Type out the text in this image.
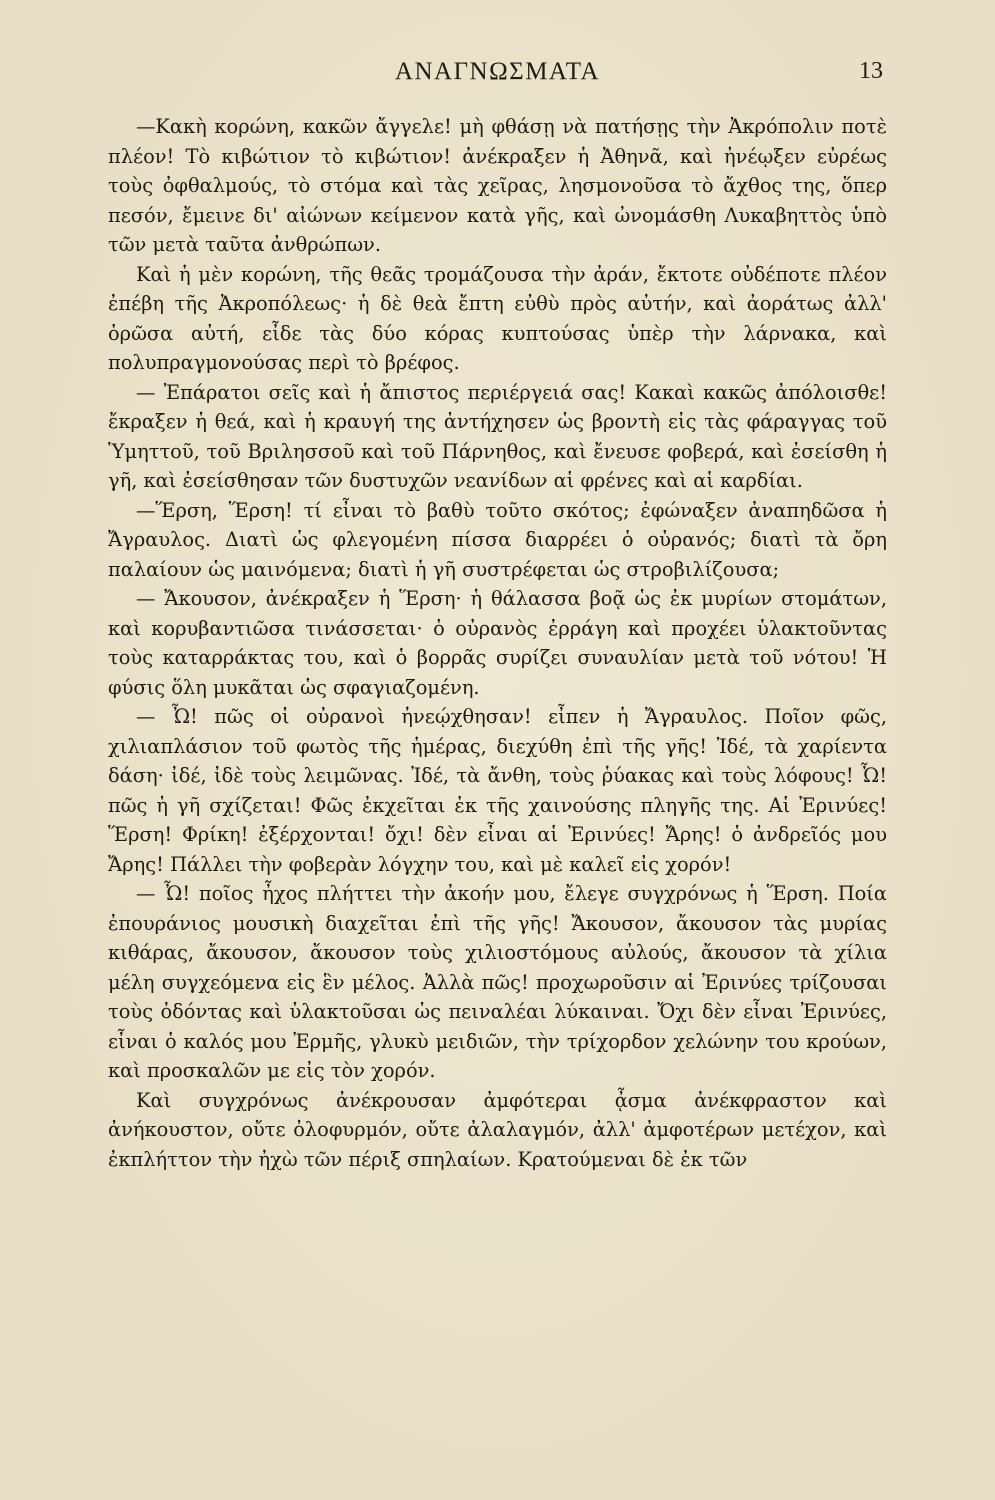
ΑΝΑΓΝΩΣΜΑΤΑ	13

—Κακὴ κορώνη, κακῶν ἄγγελε! μὴ φθάσῃ νὰ πατήσῃς τὴν Ἀκρόπολιν ποτὲ πλέον! Τὸ κιβώτιον τὸ κιβώτιον! ἀνέκραξεν ἡ Ἀθηνᾶ, καὶ ἠνέῳξεν εὐρέως τοὺς ὀφθαλμούς, τὸ στόμα καὶ τὰς χεῖρας, λησμονοῦσα τὸ ἄχθος της, ὅπερ πεσόν, ἔμεινε δι' αἰώνων κείμενον κατὰ γῆς, καὶ ὠνομάσθη Λυκαβηττὸς ὑπὸ τῶν μετὰ ταῦτα ἀνθρώπων.

Καὶ ἡ μὲν κορώνη, τῆς θεᾶς τρομάζουσα τὴν ἀράν, ἔκτοτε οὐδέποτε πλέον ἐπέβη τῆς Ἀκροπόλεως· ἡ δὲ θεὰ ἔπτη εὐθὺ πρὸς αὐτήν, καὶ ἀοράτως ἀλλ' ὁρῶσα αὐτή, εἶδε τὰς δύο κόρας κυπτούσας ὑπὲρ τὴν λάρνακα, καὶ πολυπραγμονούσας περὶ τὸ βρέφος.

— Ἐπάρατοι σεῖς καὶ ἡ ἄπιστος περιέργειά σας! Κακαὶ κακῶς ἀπόλοισθε! ἔκραξεν ἡ θεά, καὶ ἡ κραυγή της ἀντήχησεν ὡς βροντὴ εἰς τὰς φάραγγας τοῦ Ὑμηττοῦ, τοῦ Βριλησσοῦ καὶ τοῦ Πάρνηθος, καὶ ἔνευσε φοβερά, καὶ ἐσείσθη ἡ γῆ, καὶ ἐσείσθησαν τῶν δυστυχῶν νεανίδων αἱ φρένες καὶ αἱ καρδίαι.

—Ἕρση, Ἕρση! τί εἶναι τὸ βαθὺ τοῦτο σκότος; ἐφώναξεν ἀναπηδῶσα ἡ Ἄγραυλος. Διατὶ ὡς φλεγομένη πίσσα διαρρέει ὁ οὐρανός; διατὶ τὰ ὄρη παλαίουν ὡς μαινόμενα; διατὶ ἡ γῆ συστρέφεται ὡς στροβιλίζουσα;

— Ἄκουσον, ἀνέκραξεν ἡ Ἕρση· ἡ θάλασσα βοᾷ ὡς ἐκ μυρίων στομάτων, καὶ κορυβαντιῶσα τινάσσεται· ὁ οὐρανὸς ἐρράγη καὶ προχέει ὑλακτοῦντας τοὺς καταρράκτας του, καὶ ὁ βορρᾶς συρίζει συναυλίαν μετὰ τοῦ νότου! Ἡ φύσις ὅλη μυκᾶται ὡς σφαγιαζομένη.

— Ὦ! πῶς οἱ οὐρανοὶ ἠνεῴχθησαν! εἶπεν ἡ Ἄγραυλος. Ποῖον φῶς, χιλιαπλάσιον τοῦ φωτὸς τῆς ἡμέρας, διεχύθη ἐπὶ τῆς γῆς! Ἰδέ, τὰ χαρίεντα δάση· ἰδέ, ἰδὲ τοὺς λειμῶνας. Ἰδέ, τὰ ἄνθη, τοὺς ῥύακας καὶ τοὺς λόφους! Ὦ! πῶς ἡ γῆ σχίζεται! Φῶς ἐκχεῖται ἐκ τῆς χαινούσης πληγῆς της. Αἱ Ἐρινύες! Ἕρση! Φρίκη! ἐξέρχονται! ὄχι! δὲν εἶναι αἱ Ἐρινύες! Ἄρης! ὁ ἀνδρεῖός μου Ἄρης! Πάλλει τὴν φοβερὰν λόγχην του, καὶ μὲ καλεῖ εἰς χορόν!

— Ὦ! ποῖος ἦχος πλήττει τὴν ἀκοήν μου, ἔλεγε συγχρόνως ἡ Ἕρση. Ποία ἐπουράνιος μουσικὴ διαχεῖται ἐπὶ τῆς γῆς! Ἄκουσον, ἄκουσον τὰς μυρίας κιθάρας, ἄκουσον, ἄκουσον τοὺς χιλιοστόμους αὐλούς, ἄκουσον τὰ χίλια μέλη συγχεόμενα εἰς ἓν μέλος. Ἀλλὰ πῶς! προχωροῦσιν αἱ Ἐρινύες τρίζουσαι τοὺς ὀδόντας καὶ ὑλακτοῦσαι ὡς πειναλέαι λύκαιναι. Ὄχι δὲν εἶναι Ἐρινύες, εἶναι ὁ καλός μου Ἑρμῆς, γλυκὺ μειδιῶν, τὴν τρίχορδον χελώνην του κρούων, καὶ προσκαλῶν με εἰς τὸν χορόν.

Καὶ συγχρόνως ἀνέκρουσαν ἀμφότεραι ᾆσμα ἀνέκφραστον καὶ ἀνήκουστον, οὔτε ὀλοφυρμόν, οὔτε ἀλαλαγμόν, ἀλλ' ἀμφοτέρων μετέχον, καὶ ἐκπλήττον τὴν ἠχὼ τῶν πέριξ σπηλαίων. Κρατούμεναι δὲ ἐκ τῶν
